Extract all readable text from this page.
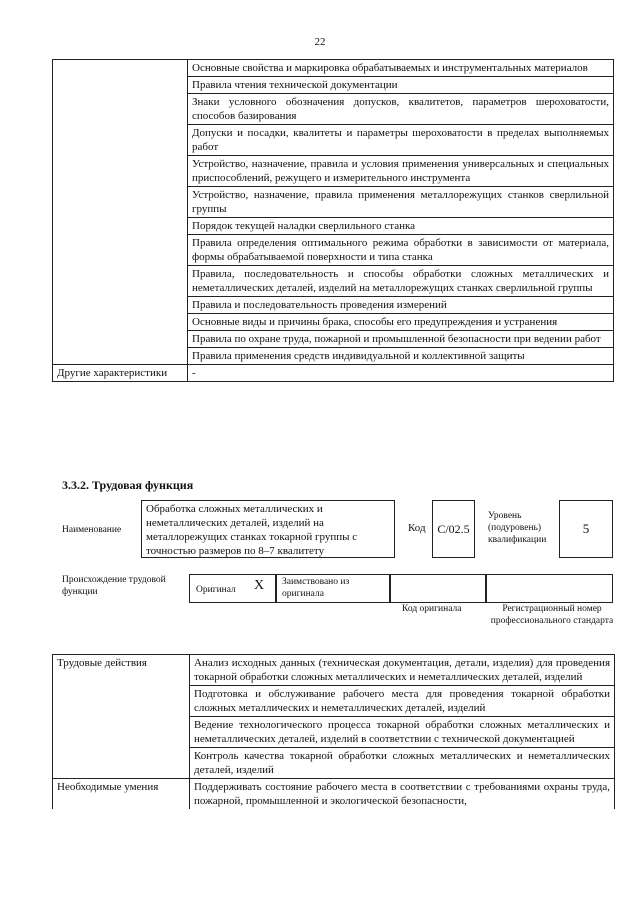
22
	Основные свойства и маркировка обрабатываемых и инструментальных материалов
	Правила чтения технической документации
	Знаки условного обозначения допусков, квалитетов, параметров шероховатости, способов базирования
	Допуски и посадки, квалитеты и параметры шероховатости в пределах выполняемых работ
	Устройство, назначение, правила и условия применения универсальных и специальных приспособлений, режущего и измерительного инструмента
	Устройство, назначение, правила применения металлорежущих станков сверлильной группы
	Порядок текущей наладки сверлильного станка
	Правила определения оптимального режима обработки в зависимости от материала, формы обрабатываемой поверхности и типа станка
	Правила, последовательность и способы обработки сложных металлических и неметаллических деталей, изделий на металлорежущих станках сверлильной группы
	Правила и последовательность проведения измерений
	Основные виды и причины брака, способы его предупреждения и устранения
	Правила по охране труда, пожарной и промышленной безопасности при ведении работ
	Правила применения средств индивидуальной и коллективной защиты
Другие характеристики	-
3.3.2. Трудовая функция
Наименование
Обработка сложных металлических и неметаллических деталей, изделий на металлорежущих станках токарной группы с точностью размеров по 8–7 квалитету
Код С/02.5
Уровень (подуровень) квалификации
5
Происхождение трудовой функции	Оригинал X	Заимствовано из оригинала
Код оригинала	Регистрационный номер профессионального стандарта
Трудовые действия	Анализ исходных данных (техническая документация, детали, изделия) для проведения токарной обработки сложных металлических и неметаллических деталей, изделий
	Подготовка и обслуживание рабочего места для проведения токарной обработки сложных металлических и неметаллических деталей, изделий
	Ведение технологического процесса токарной обработки сложных металлических и неметаллических деталей, изделий в соответствии с технической документацией
	Контроль качества токарной обработки сложных металлических и неметаллических деталей, изделий
Необходимые умения	Поддерживать состояние рабочего места в соответствии с требованиями охраны труда, пожарной, промышленной и экологической безопасности,
